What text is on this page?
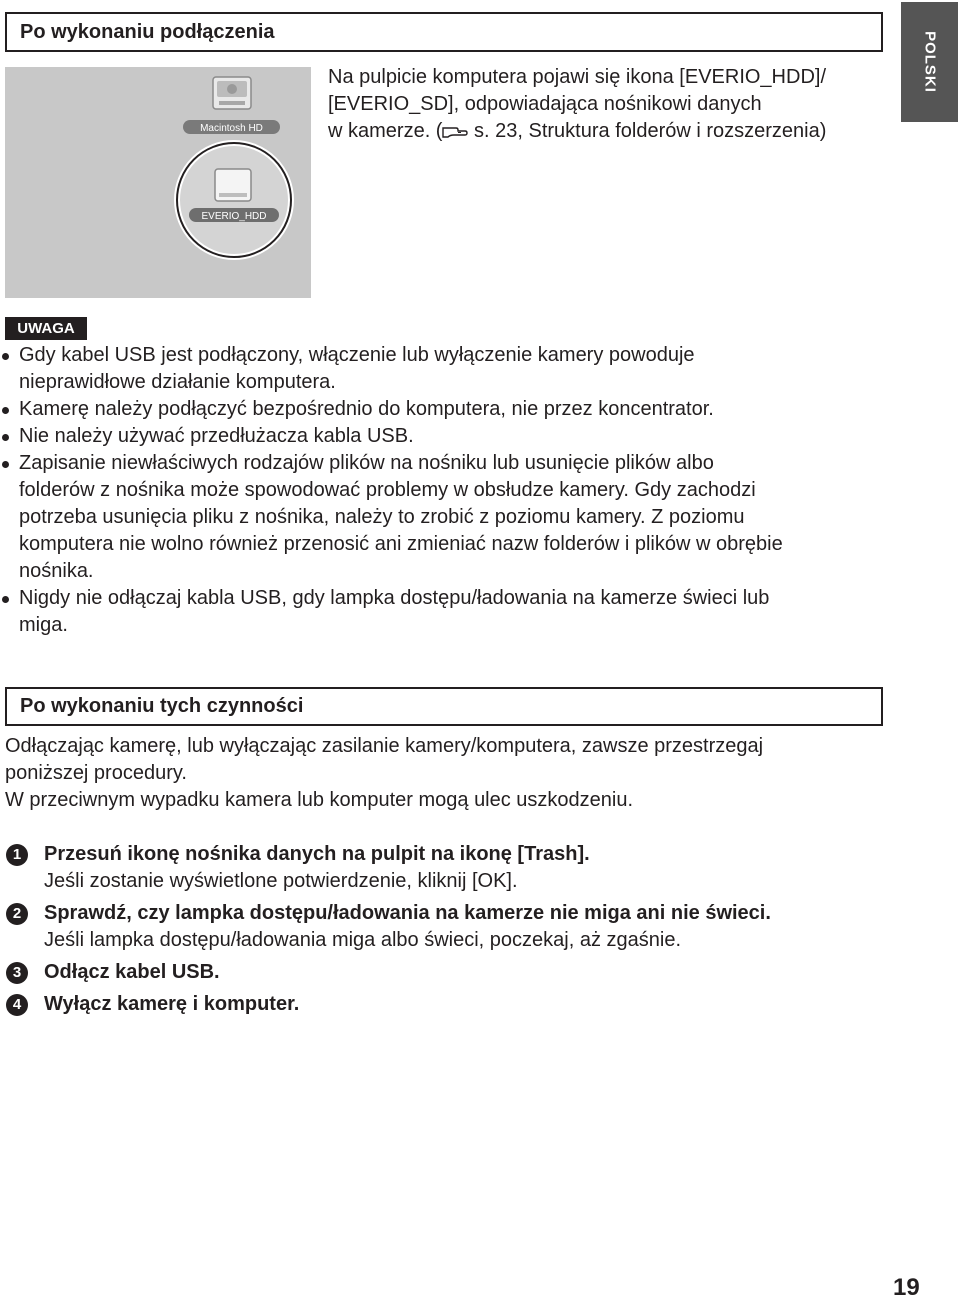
Po wykonaniu podłączenia	POLSKI
Macintosh HD
EVERIO_HDD
Na pulpicie komputera pojawi się ikona [EVERIO_HDD]/
[EVERIO_SD], odpowiadająca nośnikowi danych
w kamerze. ( s. 23, Struktura folderów i rozszerzenia)
UWAGA
Gdy kabel USB jest podłączony, włączenie lub wyłączenie kamery powoduje
nieprawidłowe działanie komputera.
Kamerę należy podłączyć bezpośrednio do komputera, nie przez koncentrator.
Nie należy używać przedłużacza kabla USB.
Zapisanie niewłaściwych rodzajów plików na nośniku lub usunięcie plików albo
folderów z nośnika może spowodować problemy w obsłudze kamery. Gdy zachodzi
potrzeba usunięcia pliku z nośnika, należy to zrobić z poziomu kamery. Z poziomu
komputera nie wolno również przenosić ani zmieniać nazw folderów i plików w obrębie
nośnika.
Nigdy nie odłączaj kabla USB, gdy lampka dostępu/ładowania na kamerze świeci lub
miga.
Po wykonaniu tych czynności
Odłączając kamerę, lub wyłączając zasilanie kamery/komputera, zawsze przestrzegaj
poniższej procedury.
W przeciwnym wypadku kamera lub komputer mogą ulec uszkodzeniu.
1	Przesuń ikonę nośnika danych na pulpit na ikonę [Trash].
Jeśli zostanie wyświetlone potwierdzenie, kliknij [OK].
2	Sprawdź, czy lampka dostępu/ładowania na kamerze nie miga ani nie świeci.
Jeśli lampka dostępu/ładowania miga albo świeci, poczekaj, aż zgaśnie.
3	Odłącz kabel USB.
4	Wyłącz kamerę i komputer.
19
